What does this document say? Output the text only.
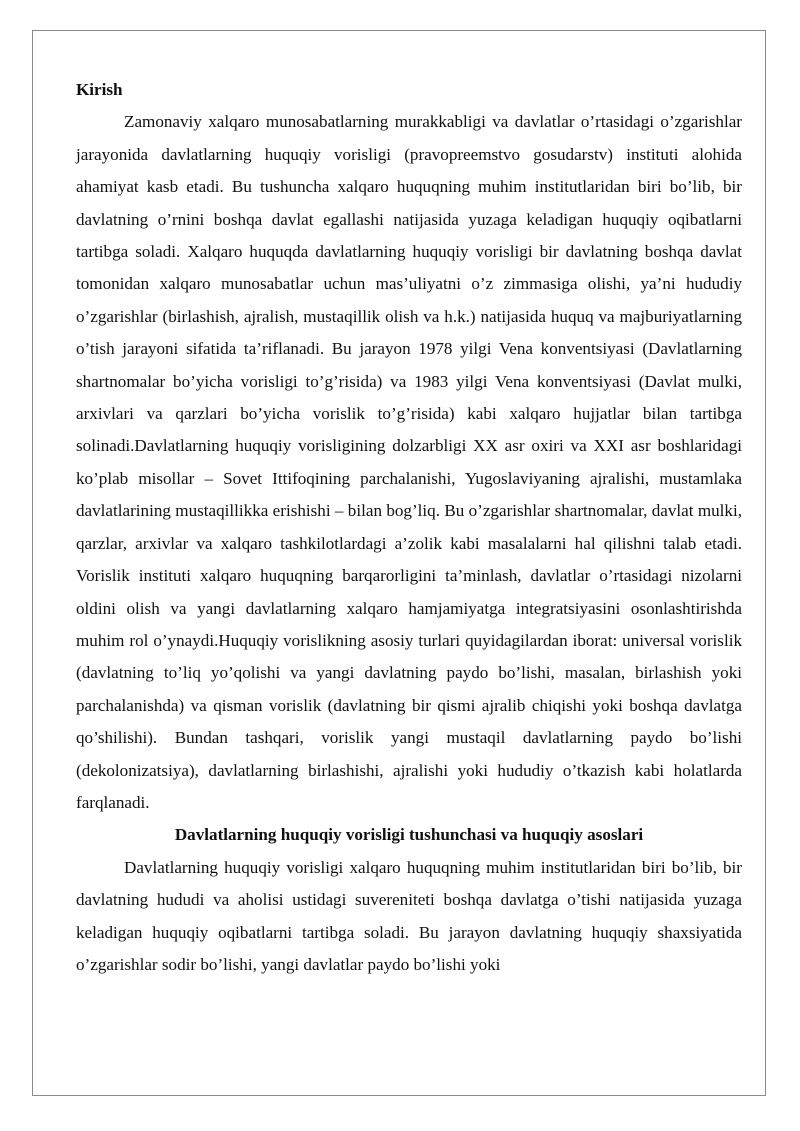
Kirish

Zamonaviy xalqaro munosabatlarning murakkabligi va davlatlar o’rtasidagi o’zgarishlar jarayonida davlatlarning huquqiy vorisligi (pravopreemstvo gosudarstv) instituti alohida ahamiyat kasb etadi. Bu tushuncha xalqaro huquqning muhim institutlaridan biri bo’lib, bir davlatning o’rnini boshqa davlat egallashi natijasida yuzaga keladigan huquqiy oqibatlarni tartibga soladi. Xalqaro huquqda davlatlarning huquqiy vorisligi bir davlatning boshqa davlat tomonidan xalqaro munosabatlar uchun mas’uliyatni o’z zimmasiga olishi, ya’ni hududiy o’zgarishlar (birlashish, ajralish, mustaqillik olish va h.k.) natijasida huquq va majburiyatlarning o’tish jarayoni sifatida ta’riflanadi. Bu jarayon 1978 yilgi Vena konventsiyasi (Davlatlarning shartnomalar bo’yicha vorisligi to’g’risida) va 1983 yilgi Vena konventsiyasi (Davlat mulki, arxivlari va qarzlari bo’yicha vorislik to’g’risida) kabi xalqaro hujjatlar bilan tartibga solinadi.Davlatlarning huquqiy vorisligining dolzarbligi XX asr oxiri va XXI asr boshlaridagi ko’plab misollar – Sovet Ittifoqining parchalanishi, Yugoslaviyaning ajralishi, mustamlaka davlatlarining mustaqillikka erishishi – bilan bog’liq. Bu o’zgarishlar shartnomalar, davlat mulki, qarzlar, arxivlar va xalqaro tashkilotlardagi a’zolik kabi masalalarni hal qilishni talab etadi. Vorislik instituti xalqaro huquqning barqarorligini ta’minlash, davlatlar o’rtasidagi nizolarni oldini olish va yangi davlatlarning xalqaro hamjamiyatga integratsiyasini osonlashtirishda muhim rol o’ynaydi.Huquqiy vorislikning asosiy turlari quyidagilardan iborat: universal vorislik (davlatning to’liq yo’qolishi va yangi davlatning paydo bo’lishi, masalan, birlashish yoki parchalanishda) va qisman vorislik (davlatning bir qismi ajralib chiqishi yoki boshqa davlatga qo’shilishi). Bundan tashqari, vorislik yangi mustaqil davlatlarning paydo bo’lishi (dekolonizatsiya), davlatlarning birlashishi, ajralishi yoki hududiy o’tkazish kabi holatlarda farqlanadi.

Davlatlarning huquqiy vorisligi tushunchasi va huquqiy asoslari

Davlatlarning huquqiy vorisligi xalqaro huquqning muhim institutlaridan biri bo’lib, bir davlatning hududi va aholisi ustidagi suvereniteti boshqa davlatga o’tishi natijasida yuzaga keladigan huquqiy oqibatlarni tartibga soladi. Bu jarayon davlatning huquqiy shaxsiyatida o’zgarishlar sodir bo’lishi, yangi davlatlar paydo bo’lishi yoki
